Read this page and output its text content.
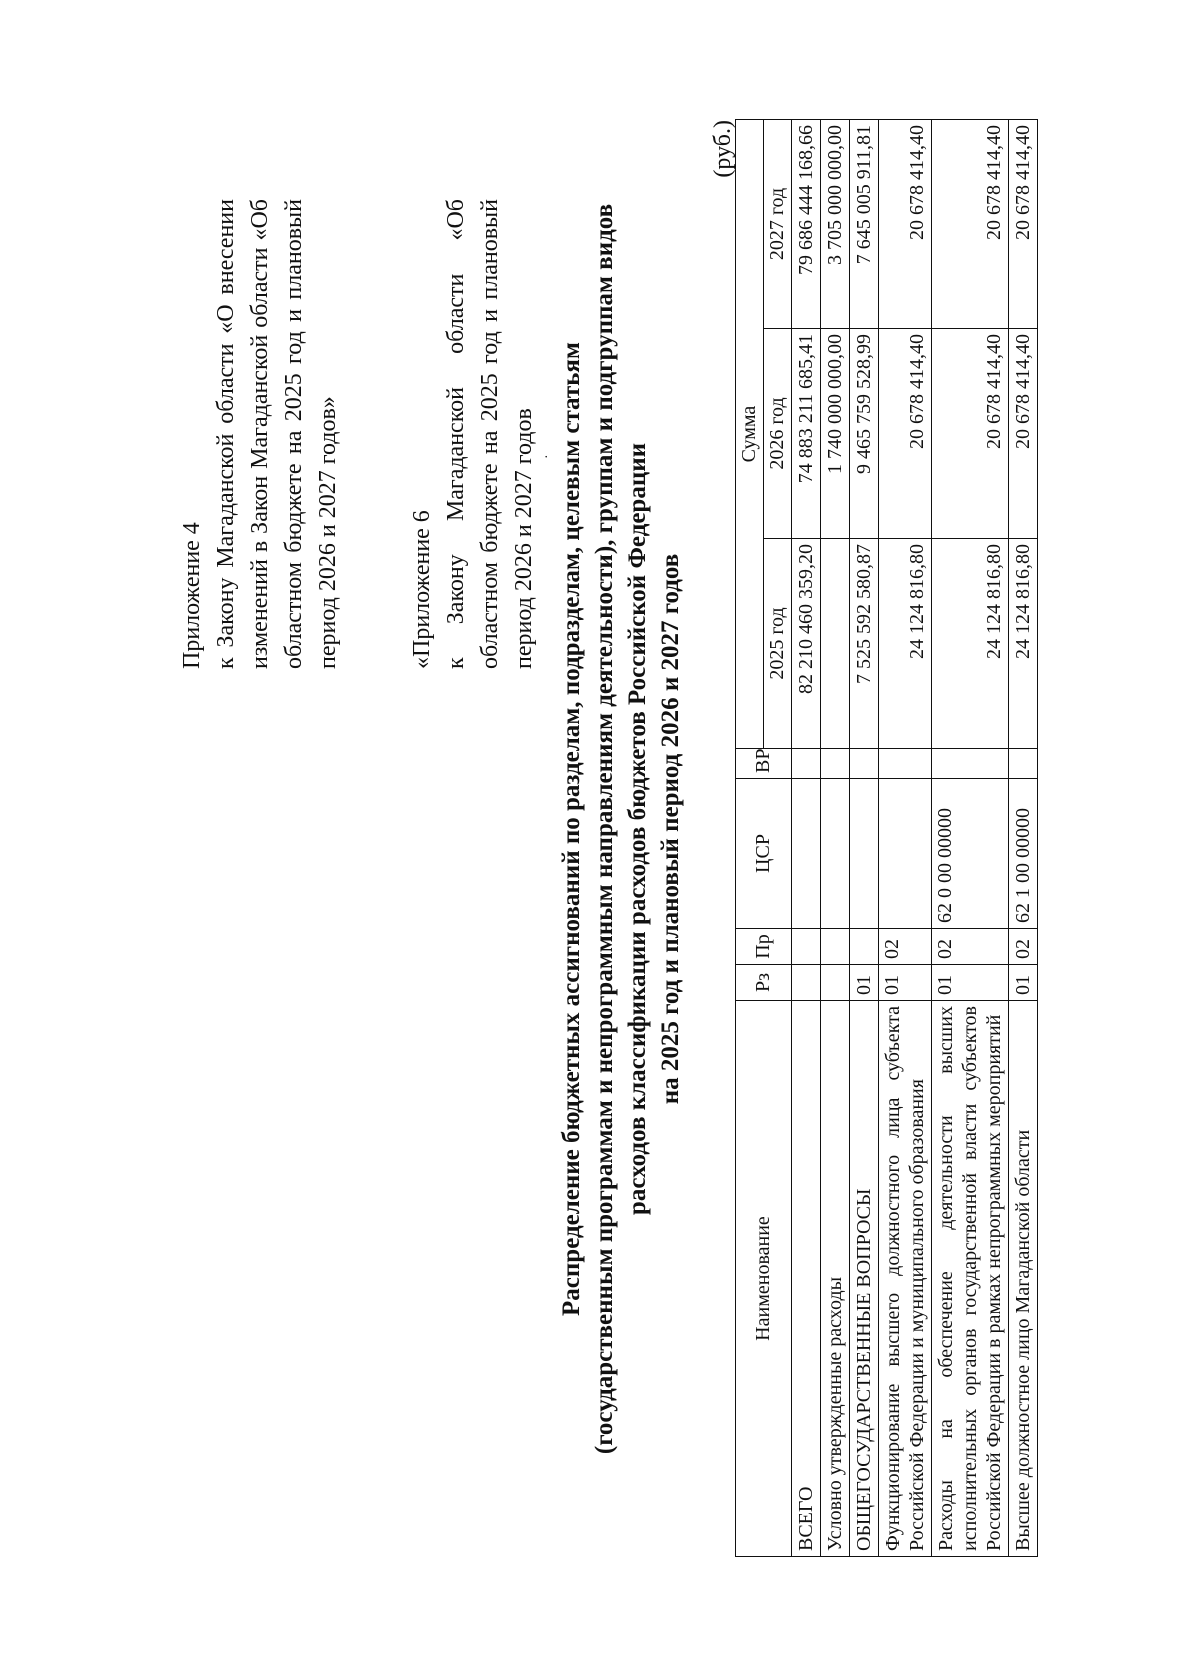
Приложение 4 к Закону Магаданской области «О внесении изменений в Закон Магаданской области «Об областном бюджете на 2025 год и плановый период 2026 и 2027 годов»	«Приложение 6 к Закону Магаданской области «Об областном бюджете на 2025 год и плановый период 2026 и 2027 годов · Распределение бюджетных ассигнований по разделам, подразделам, целевым статьям (государственным программам и непрограммным направлениям деятельности), группам и подгруппам видов расходов классификации расходов бюджетов Российской Федерации на 2025 год и плановый период 2026 и 2027 годов
(руб.)
Наименование	Рз	Пр	ЦСР	ВР	Сумма		
					2025 год	2026 год	2027 год
ВСЕГО					82 210 460 359,20	74 883 211 685,41	79 686 444 168,66
Условно утвержденные расходы						1 740 000 000,00	3 705 000 000,00
ОБЩЕГОСУДАРСТВЕННЫЕ ВОПРОСЫ	01				7 525 592 580,87	9 465 759 528,99	7 645 005 911,81
Функционирование высшего должностного лица субъекта Российской Федерации и муниципального образования	01	02			24 124 816,80	20 678 414,40	20 678 414,40
Расходы на обеспечение деятельности высших исполнительных органов государственной власти субъектов Российской Федерации в рамках непрограммных мероприятий	01	02	62 0 00 00000		24 124 816,80	20 678 414,40	20 678 414,40
Высшее должностное лицо Магаданской области	01	02	62 1 00 00000		24 124 816,80	20 678 414,40	20 678 414,40
